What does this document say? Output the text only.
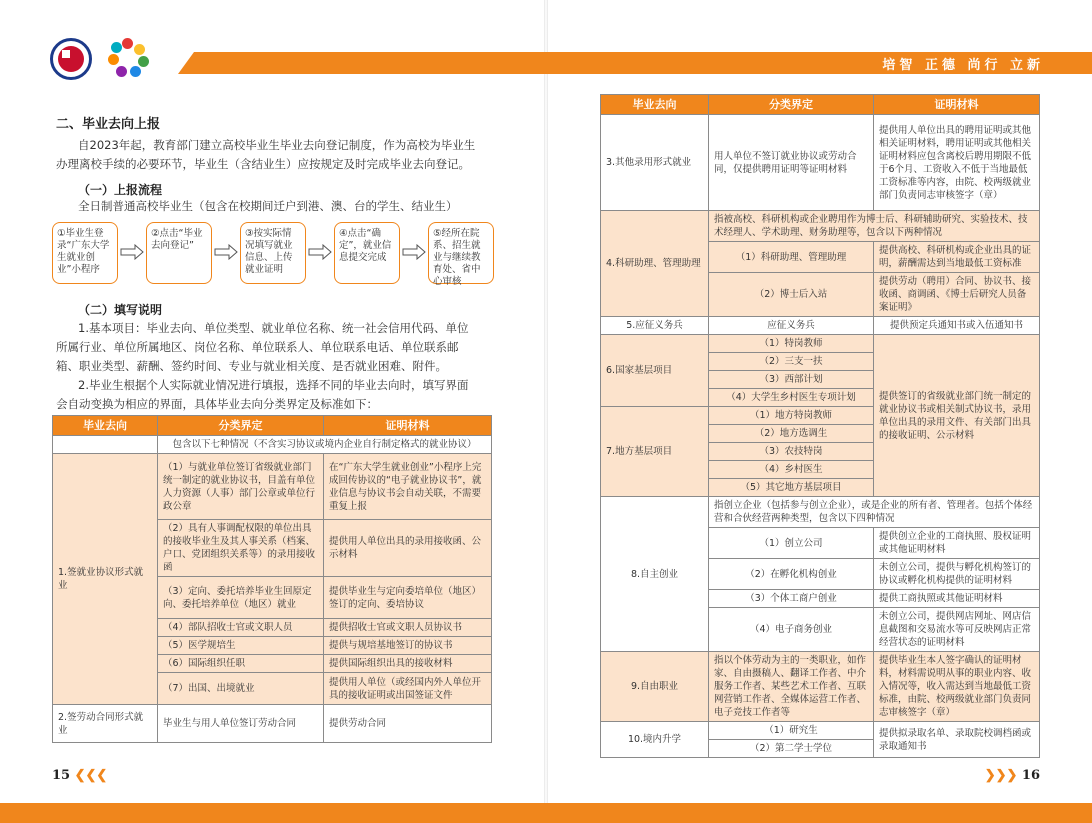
培智 正德 尚行 立新
二、毕业去向上报
自2023年起，教育部门建立高校毕业生毕业去向登记制度，作为高校为毕业生
办理离校手续的必要环节，毕业生（含结业生）应按规定及时完成毕业去向登记。
（一）上报流程
全日制普通高校毕业生（包含在校期间迁户到港、澳、台的学生、结业生）
①毕业生登录“广东大学生就业创业”小程序
②点击“毕业去向登记”
③按实际情况填写就业信息、上传就业证明
④点击“确定”，就业信息提交完成
⑤经所在院系、招生就业与继续教育处、省中心审核
（二）填写说明
1.基本项目：毕业去向、单位类型、就业单位名称、统一社会信用代码、单位
所属行业、单位所属地区、岗位名称、单位联系人、单位联系电话、单位联系邮
箱、职业类型、薪酬、签约时间、专业与就业相关度、是否就业困难、附件。
2.毕业生根据个人实际就业情况进行填报，选择不同的毕业去向时，填写界面
会自动变换为相应的界面，具体毕业去向分类界定及标准如下：
毕业去向	分类界定	证明材料
	包含以下七种情况（不含实习协议或境内企业自行制定格式的就业协议）	
1.签就业协议形式就业	（1）与就业单位签订省级就业部门统一制定的就业协议书，目盖有单位人力资源（人事）部门公章或单位行政公章	在“广东大学生就业创业”小程序上完成回传协议的“电子就业协议书”，就业信息与协议书会自动关联，不需要重复上报
	（2）具有人事调配权限的单位出具的接收毕业生及其人事关系（档案、户口、党团组织关系等）的录用接收函	提供用人单位出具的录用接收函、公示材料
	（3）定向、委托培养毕业生回原定向、委托培养单位（地区）就业	提供毕业生与定向委培单位（地区）签订的定向、委培协议
	（4）部队招收士官或文职人员	提供招收士官或文职人员协议书
	（5）医学规培生	提供与规培基地签订的协议书
	（6）国际组织任职	提供国际组织出具的接收材料
	（7）出国、出境就业	提供用人单位（或经国内外人单位开具的接收证明或出国签证文件
2.签劳动合同形式就业	毕业生与用人单位签订劳动合同	提供劳动合同
15 ❮❮❮
毕业去向	分类界定	证明材料
3.其他录用形式就业	用人单位不签订就业协议或劳动合同，仅提供聘用证明等证明材料	提供用人单位出具的聘用证明或其他相关证明材料，聘用证明或其他相关证明材料应包含离校后聘用期限不低于6个月、工资收入不低于当地最低工资标准等内容，由院、校两级就业部门负责同志审核签字（章）
4.科研助理、管理助理	指被高校、科研机构或企业聘用作为博士后、科研辅助研究、实验技术、技术经理人、学术助理、财务助理等，包含以下两种情况	
	（1）科研助理、管理助理	提供高校、科研机构或企业出具的证明，薪酬需达到当地最低工资标准
	（2）博士后入站	提供劳动（聘用）合同、协议书、接收函、商调函、《博士后研究人员备案证明》
5.应征义务兵	应征义务兵	提供预定兵通知书或入伍通知书
6.国家基层项目	（1）特岗教师	提供签订的省级就业部门统一制定的就业协议书或相关制式协议书，录用单位出具的录用文件、有关部门出具的接收证明、公示材料
	（2）三支一扶	
	（3）西部计划	
	（4）大学生乡村医生专项计划	
7.地方基层项目	（1）地方特岗教师	
	（2）地方选调生	
	（3）农技特岗	
	（4）乡村医生	
	（5）其它地方基层项目	
8.自主创业	指创立企业（包括参与创立企业），或是企业的所有者、管理者。包括个体经营和合伙经营两种类型，包含以下四种情况	
	（1）创立公司	提供创立企业的工商执照、股权证明或其他证明材料
	（2）在孵化机构创业	未创立公司，提供与孵化机构签订的协议或孵化机构提供的证明材料
	（3）个体工商户创业	提供工商执照或其他证明材料
	（4）电子商务创业	未创立公司，提供网店网址、网店信息截图和交易流水等可反映网店正常经营状态的证明材料
9.自由职业	指以个体劳动为主的一类职业，如作家、自由摄稿人、翻译工作者、中介服务工作者、某些艺术工作者、互联网营销工作者、全媒体运营工作者、电子竞技工作者等	提供毕业生本人签字确认的证明材料，材料需说明从事的职业内容、收入情况等，收入需达到当地最低工资标准，由院、校两级就业部门负责同志审核签字（章）
10.境内升学	（1）研究生	提供拟录取名单、录取院校调档函或录取通知书
	（2）第二学士学位	
❯❯❯ 16
